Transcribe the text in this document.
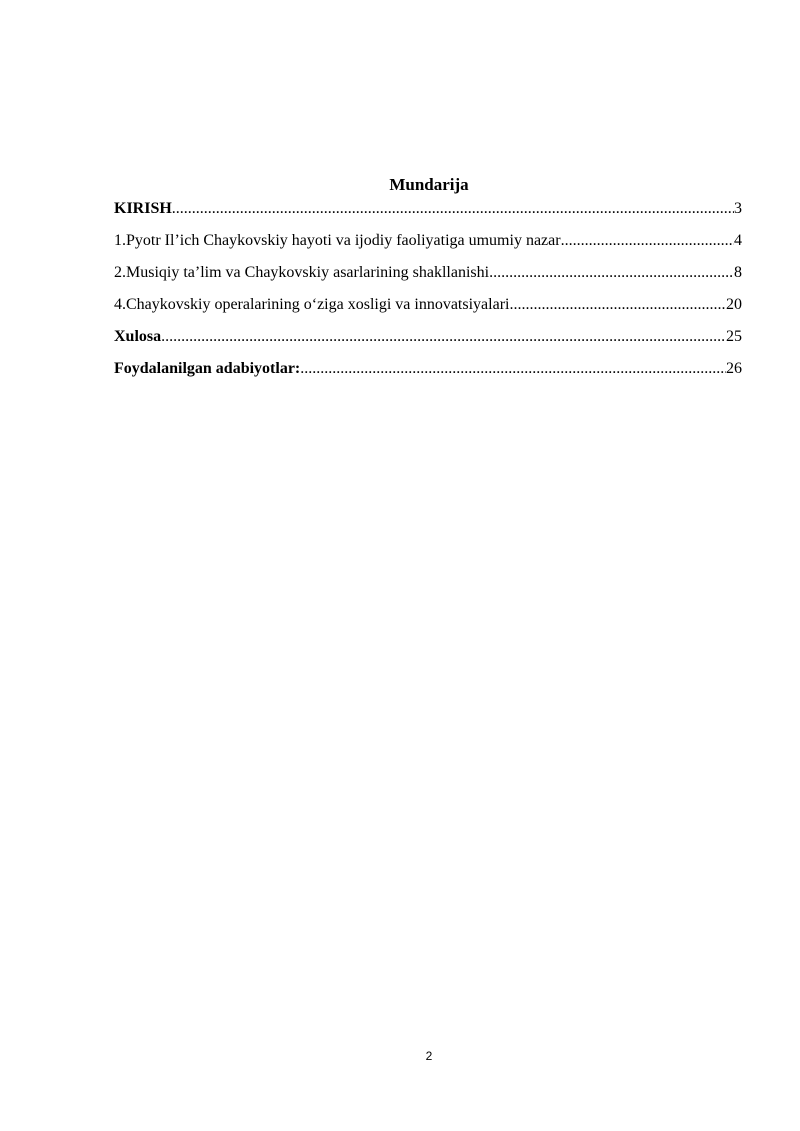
Mundarija
KIRISH .....	3
1.Pyotr Il’ich Chaykovskiy hayoti va ijodiy faoliyatiga umumiy nazar .....	4
2.Musiqiy ta’lim va Chaykovskiy asarlarining shakllanishi .....	8
4.Chaykovskiy operalarining o‘ziga xosligi va innovatsiyalari .....	20
Xulosa .....	25
Foydalanilgan adabiyotlar: .....	26
2
